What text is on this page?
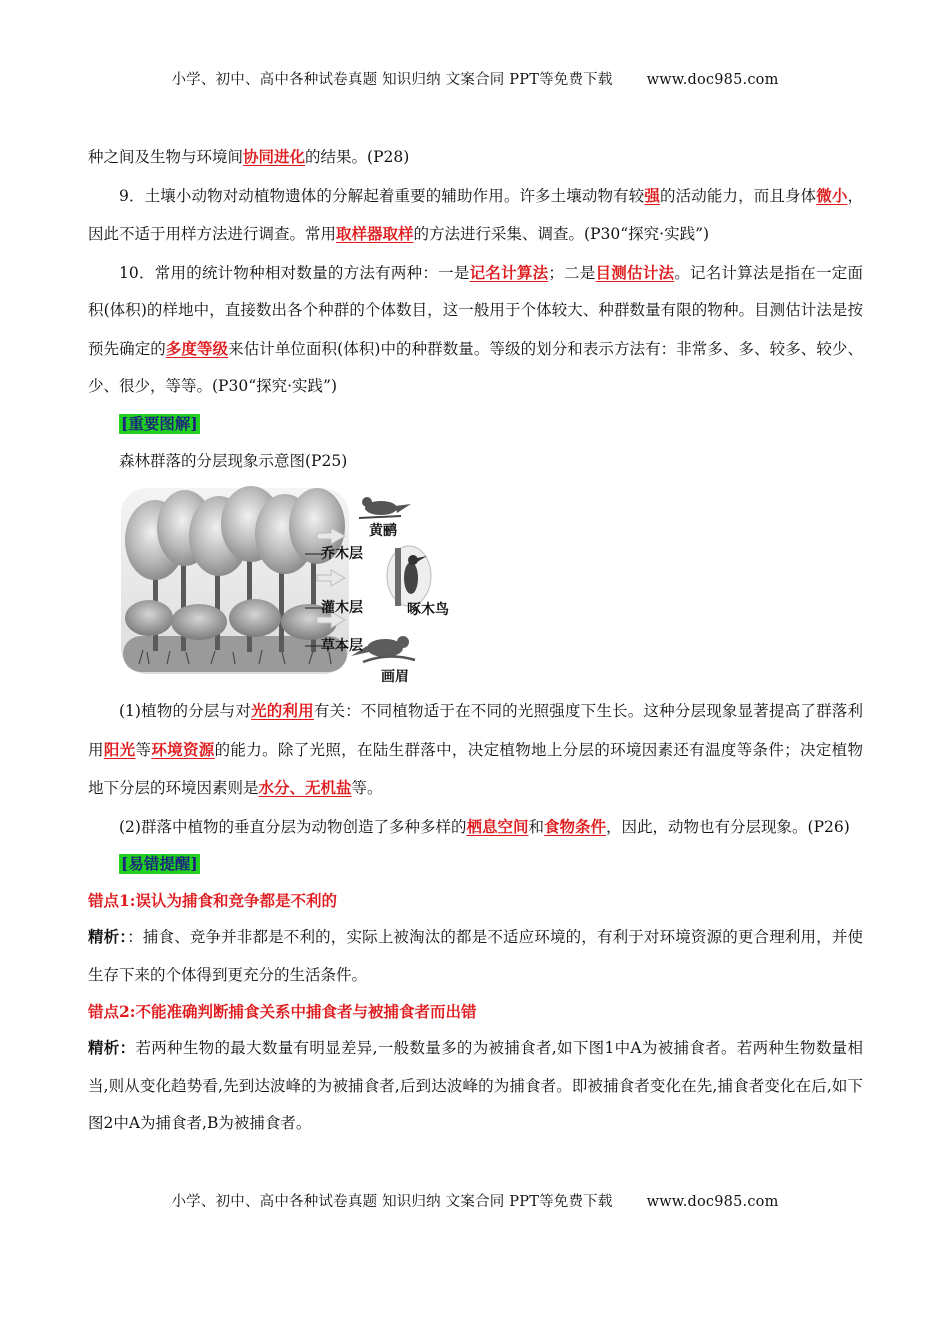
小学、初中、高中各种试卷真题 知识归纳 文案合同 PPT等免费下载 www.doc985.com

种之间及生物与环境间协同进化的结果。(P28)

9．土壤小动物对动植物遗体的分解起着重要的辅助作用。许多土壤动物有较强的活动能力，而且身体微小，因此不适于用样方法进行调查。常用取样器取样的方法进行采集、调查。(P30“探究·实践”)

10．常用的统计物种相对数量的方法有两种：一是记名计算法；二是目测估计法。记名计算法是指在一定面积(体积)的样地中，直接数出各个种群的个体数目，这一般用于个体较大、种群数量有限的物种。目测估计法是按预先确定的多度等级来估计单位面积(体积)中的种群数量。等级的划分和表示方法有：非常多、多、较多、较少、少、很少，等等。(P30“探究·实践”)

[重要图解]

森林群落的分层现象示意图(P25)

乔木层
灌木层
草本层
黄鹂
啄木鸟
画眉

(1)植物的分层与对光的利用有关：不同植物适于在不同的光照强度下生长。这种分层现象显著提高了群落利用阳光等环境资源的能力。除了光照，在陆生群落中，决定植物地上分层的环境因素还有温度等条件；决定植物地下分层的环境因素则是水分、无机盐等。

(2)群落中植物的垂直分层为动物创造了多种多样的栖息空间和食物条件，因此，动物也有分层现象。(P26)

[易错提醒]

错点1:误认为捕食和竞争都是不利的

精析：：捕食、竞争并非都是不利的，实际上被淘汰的都是不适应环境的，有利于对环境资源的更合理利用，并使生存下来的个体得到更充分的生活条件。

错点2:不能准确判断捕食关系中捕食者与被捕食者而出错

精析：若两种生物的最大数量有明显差异,一般数量多的为被捕食者,如下图1中A为被捕食者。若两种生物数量相当,则从变化趋势看,先到达波峰的为被捕食者,后到达波峰的为捕食者。即被捕食者变化在先,捕食者变化在后,如下图2中A为捕食者,B为被捕食者。

小学、初中、高中各种试卷真题 知识归纳 文案合同 PPT等免费下载 www.doc985.com
